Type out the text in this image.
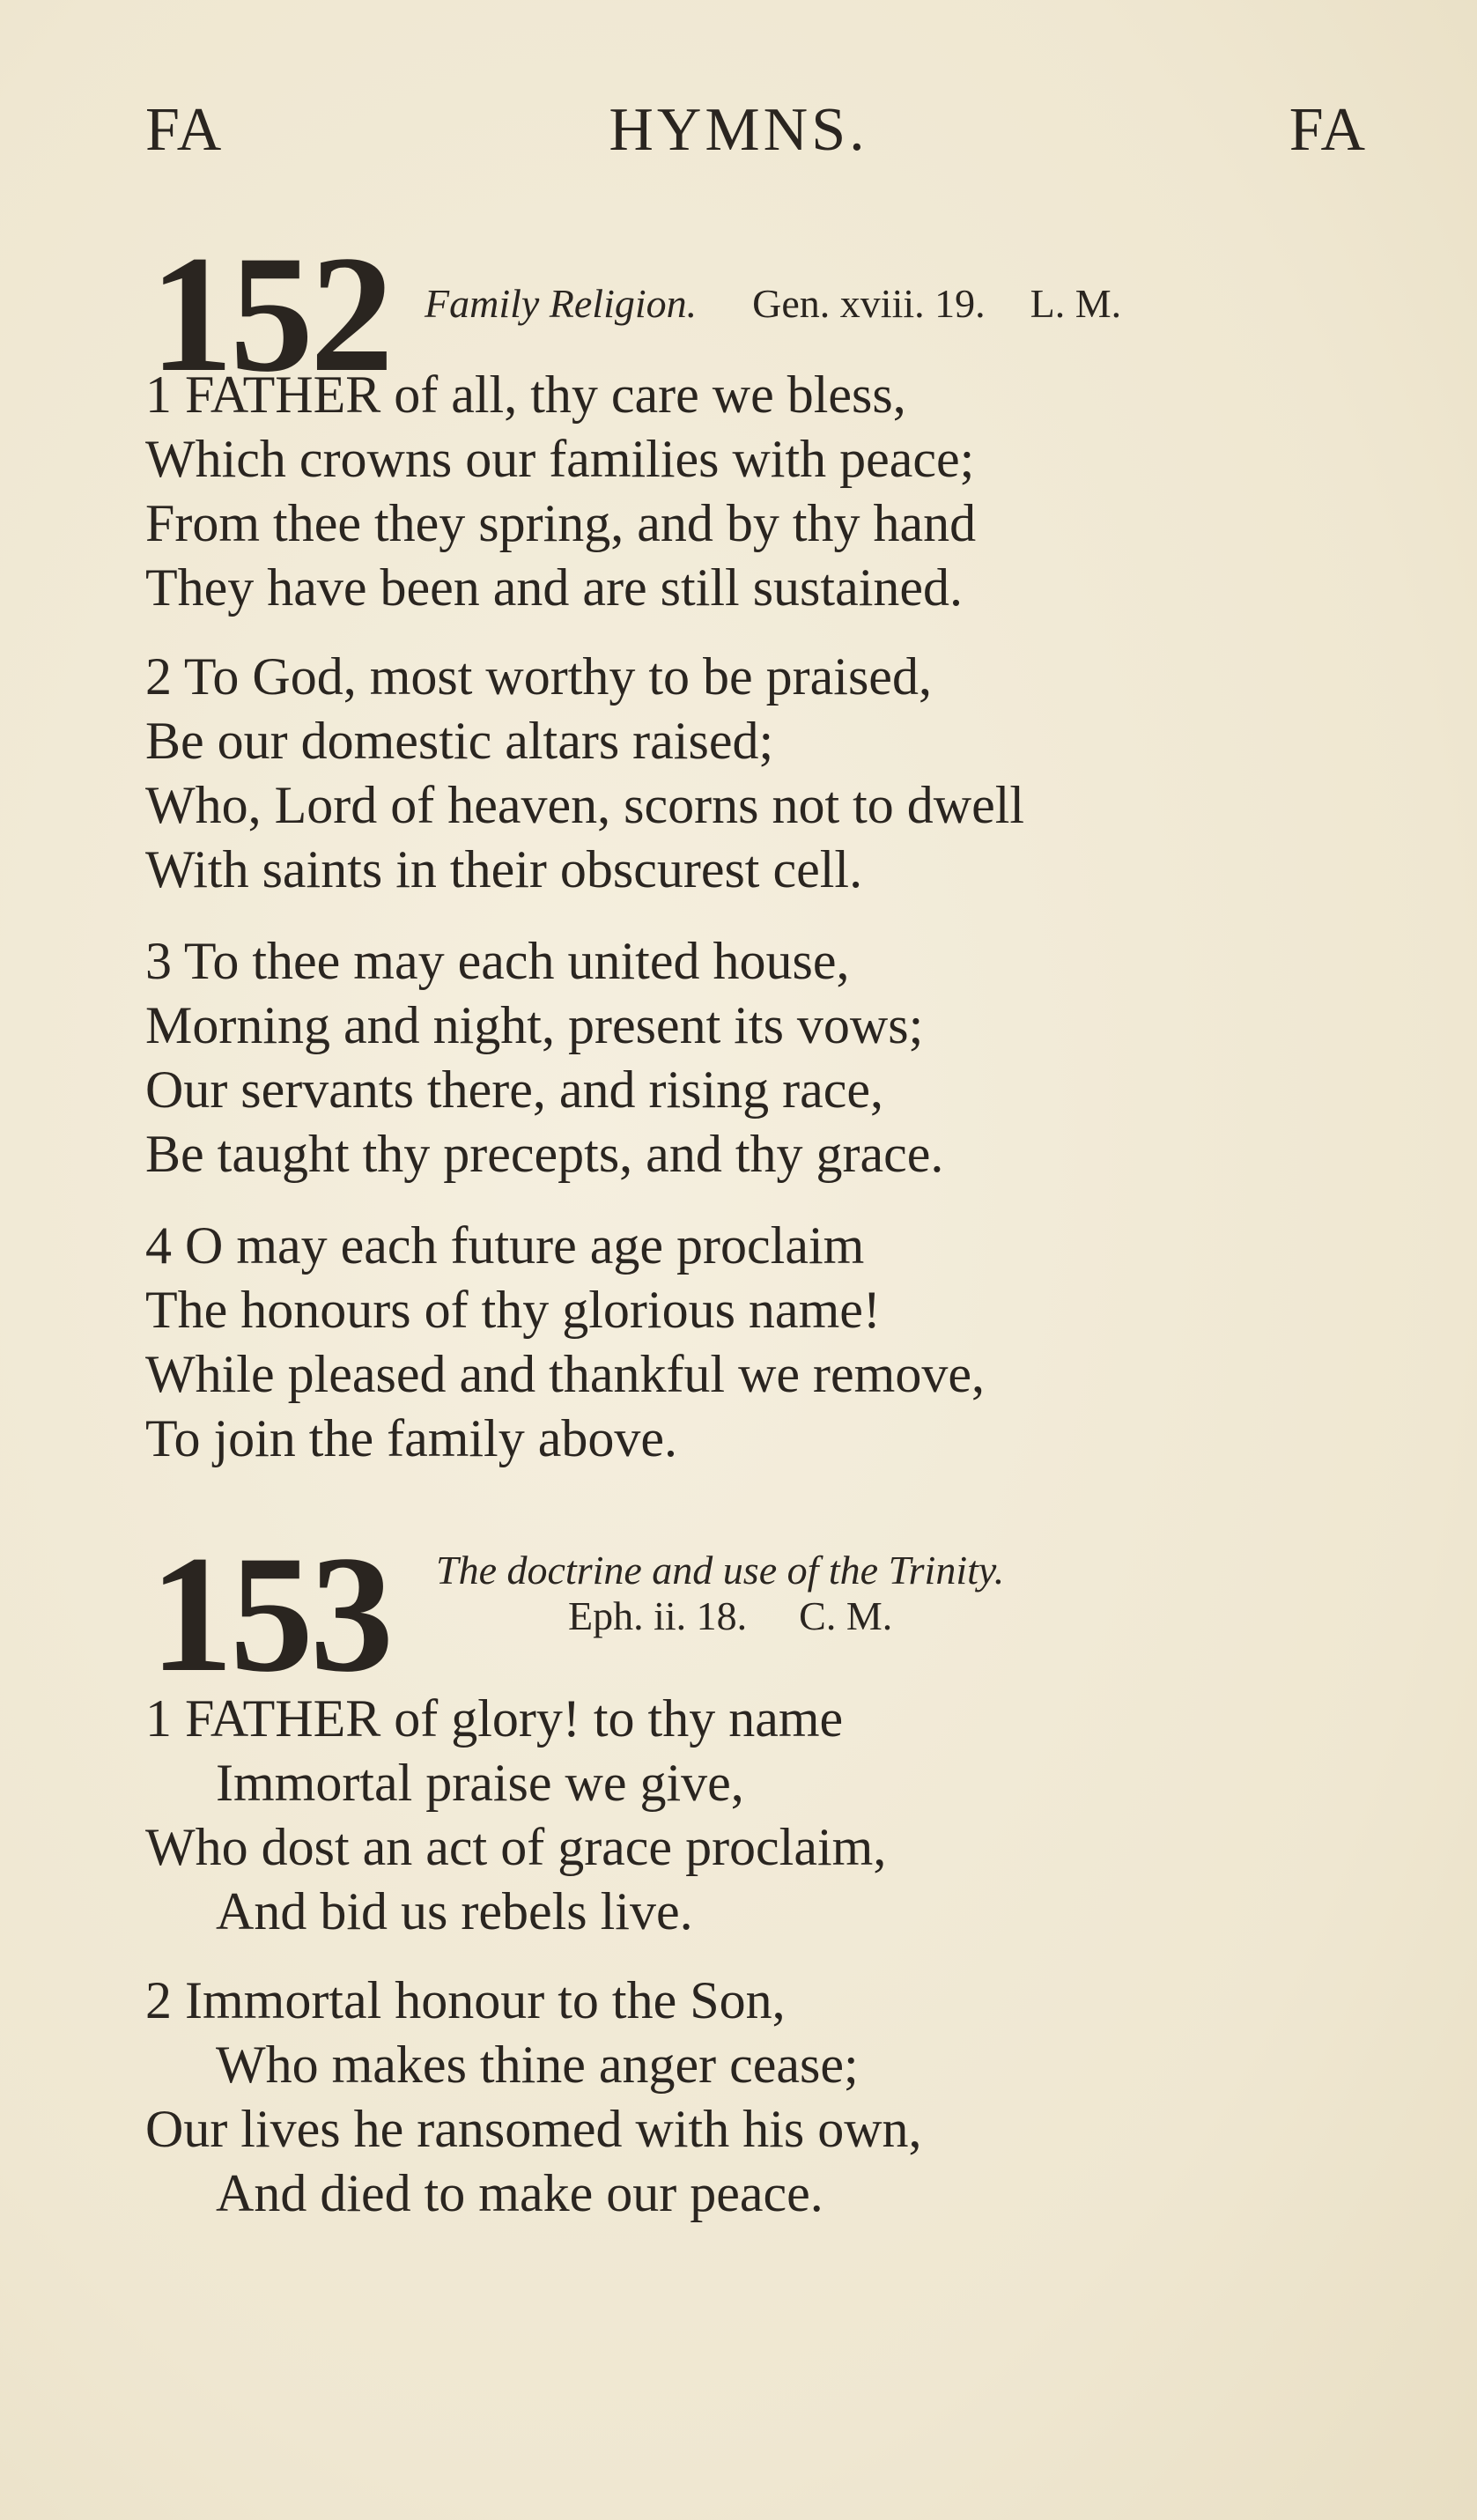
FA	HYMNS.	FA
152 Family Religion. Gen. xviii. 19. L. M.
1 FATHER of all, thy care we bless,
Which crowns our families with peace;
From thee they spring, and by thy hand
They have been and are still sustained.
2 To God, most worthy to be praised,
Be our domestic altars raised;
Who, Lord of heaven, scorns not to dwell
With saints in their obscurest cell.
3 To thee may each united house,
Morning and night, present its vows;
Our servants there, and rising race,
Be taught thy precepts, and thy grace.
4 O may each future age proclaim
The honours of thy glorious name!
While pleased and thankful we remove,
To join the family above.
153 The doctrine and use of the Trinity.
Eph. ii. 18. C. M.
1 FATHER of glory! to thy name
Immortal praise we give,
Who dost an act of grace proclaim,
And bid us rebels live.
2 Immortal honour to the Son,
Who makes thine anger cease;
Our lives he ransomed with his own,
And died to make our peace.
